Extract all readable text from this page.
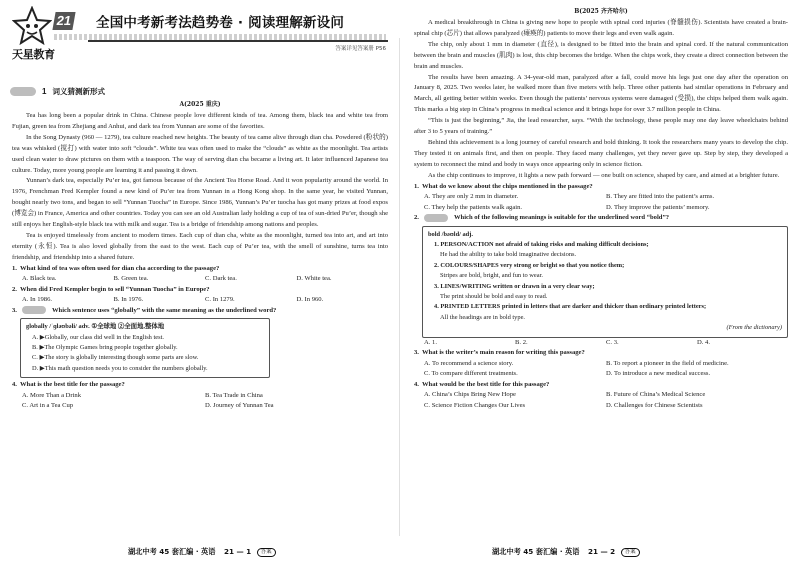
天星教育
21 全国中考新考法趋势卷 · 阅读理解新设问
答案详见答案册 P56
1 词义猜测新形式
A(2025 重庆)

Tea has long been a popular drink in China. Chinese people love different kinds of tea. Among them, black tea and white tea from Fujian, green tea from Zhejiang and Anhui, and dark tea from Yunnan are some of the favorites.

In the Song Dynasty (960 — 1279), tea culture reached new heights. The beauty of tea came alive through dian cha. Powdered (粉状的) tea was whisked (搅打) with water into soft “clouds”. White tea was often used to make the “clouds” as white as the moonlight. Tea artists used clean water to draw pictures on them with a teaspoon. The way of serving dian cha became a living art. It later influenced Japanese tea culture. Today, more young people are learning it and passing it down.

Yunnan’s dark tea, especially Pu’er tea, got famous because of the Ancient Tea Horse Road. And it won popularity around the world. In 1976, Frenchman Fred Kempler found a new kind of Pu’er tea from Yunnan in a Hong Kong shop. In the same year, he visited Yunnan, bought nearly two tons, and began to sell “Yunnan Tuocha” in Europe. Since 1986, Yunnan’s Pu’er tuocha has got many prizes at food expos (博览会) in France, America and other countries. Today you can see an old Australian lady holding a cup of tea of sun-dried Pu’er, though she still enjoys her English-style black tea with milk and sugar. Tea is a bridge of friendship among nations and peoples.

Tea is enjoyed timelessly from ancient to modern times. Each cup of dian cha, white as the moonlight, turned tea into art, and art into eternity (永恒). Tea is also loved globally from the east to the west. Each cup of Pu’er tea, with the smell of sunshine, turns tea into friendship, and friendship into a shared future.

1. What kind of tea was often used for dian cha according to the passage?
A. Black tea.	B. Green tea.	C. Dark tea.	D. White tea.
2. When did Fred Kempler begin to sell “Yunnan Tuocha” in Europe?
A. In 1986.	B. In 1976.	C. In 1279.	D. In 960.
3.	Which sentence uses “globally” with the same meaning as the underlined word?
globally /ˈɡləʊbəli/ adv. ①全球地 ②全面地,整体地
A. ▶Globally, our class did well in the English test.
B. ▶The Olympic Games bring people together globally.
C. ▶The story is globally interesting though some parts are slow.
D. ▶This math question needs you to consider the numbers globally.
4. What is the best title for the passage?
A. More Than a Drink	B. Tea Trade in China
C. Art in a Tea Cup	D. Journey of Yunnan Tea
湖北中考 45 套汇编 · 英语 21 — 1 答案
B(2025 齐齐哈尔)

A medical breakthrough in China is giving new hope to people with spinal cord injuries (脊髓损伤). Scientists have created a brain-spinal chip (芯片) that allows paralyzed (瘫痪的) patients to move their legs and even walk again.

The chip, only about 1 mm in diameter (直径), is designed to be fitted into the brain and spinal cord. If the natural communication between the brain and muscles (肌肉) is lost, this chip becomes the bridge. When the chips work, they create a direct connection between the brain and muscles.

The results have been amazing. A 34-year-old man, paralyzed after a fall, could move his legs just one day after the operation on January 8, 2025. Two weeks later, he walked more than five meters with help. Three other patients had similar operations in February and March, all getting better within weeks. Even though the patients’ nervous systems were damaged (受损), the chips helped them walk again. This marks a big step in China’s progress in medical science and it brings hope for over 3.7 million people in China.

“This is just the beginning,” Jia, the lead researcher, says. “With the technology, these people may one day leave wheelchairs behind after 3 to 5 years of training.”

Behind this achievement is a long journey of careful research and bold thinking. It took the researchers many years to develop the chip. They tested it on animals first, and then on people. They faced many challenges, yet they never gave up. Step by step, they developed a system to reconnect the mind and body in ways once appearing only in science fiction.

As the chip continues to improve, it lights a new path forward — one built on science, shaped by care, and aimed at a brighter future.

1. What do we know about the chips mentioned in the passage?
A. They are only 2 mm in diameter.	B. They are fitted into the patient’s arms.
C. They help the patients walk again.	D. They improve the patients’ memory.
2.	Which of the following meanings is suitable for the underlined word “bold”?
bold /bəʊld/ adj.
1. PERSON/ACTION not afraid of taking risks and making difficult decisions;
He had the ability to take bold imaginative decisions.
2. COLOURS/SHAPES very strong or bright so that you notice them;
Stripes are bold, bright, and fun to wear.
3. LINES/WRITING written or drawn in a very clear way;
The print should be bold and easy to read.
4. PRINTED LETTERS printed in letters that are darker and thicker than ordinary printed letters;
All the headings are in bold type.
(From the dictionary)
A. 1.	B. 2.	C. 3.	D. 4.
3. What is the writer’s main reason for writing this passage?
A. To recommend a science story.	B. To report a pioneer in the field of medicine.
C. To compare different treatments.	D. To introduce a new medical success.
4. What would be the best title for this passage?
A. China’s Chips Bring New Hope	B. Future of China’s Medical Science
C. Science Fiction Changes Our Lives	D. Challenges for Chinese Scientists
湖北中考 45 套汇编 · 英语 21 — 2 答案
